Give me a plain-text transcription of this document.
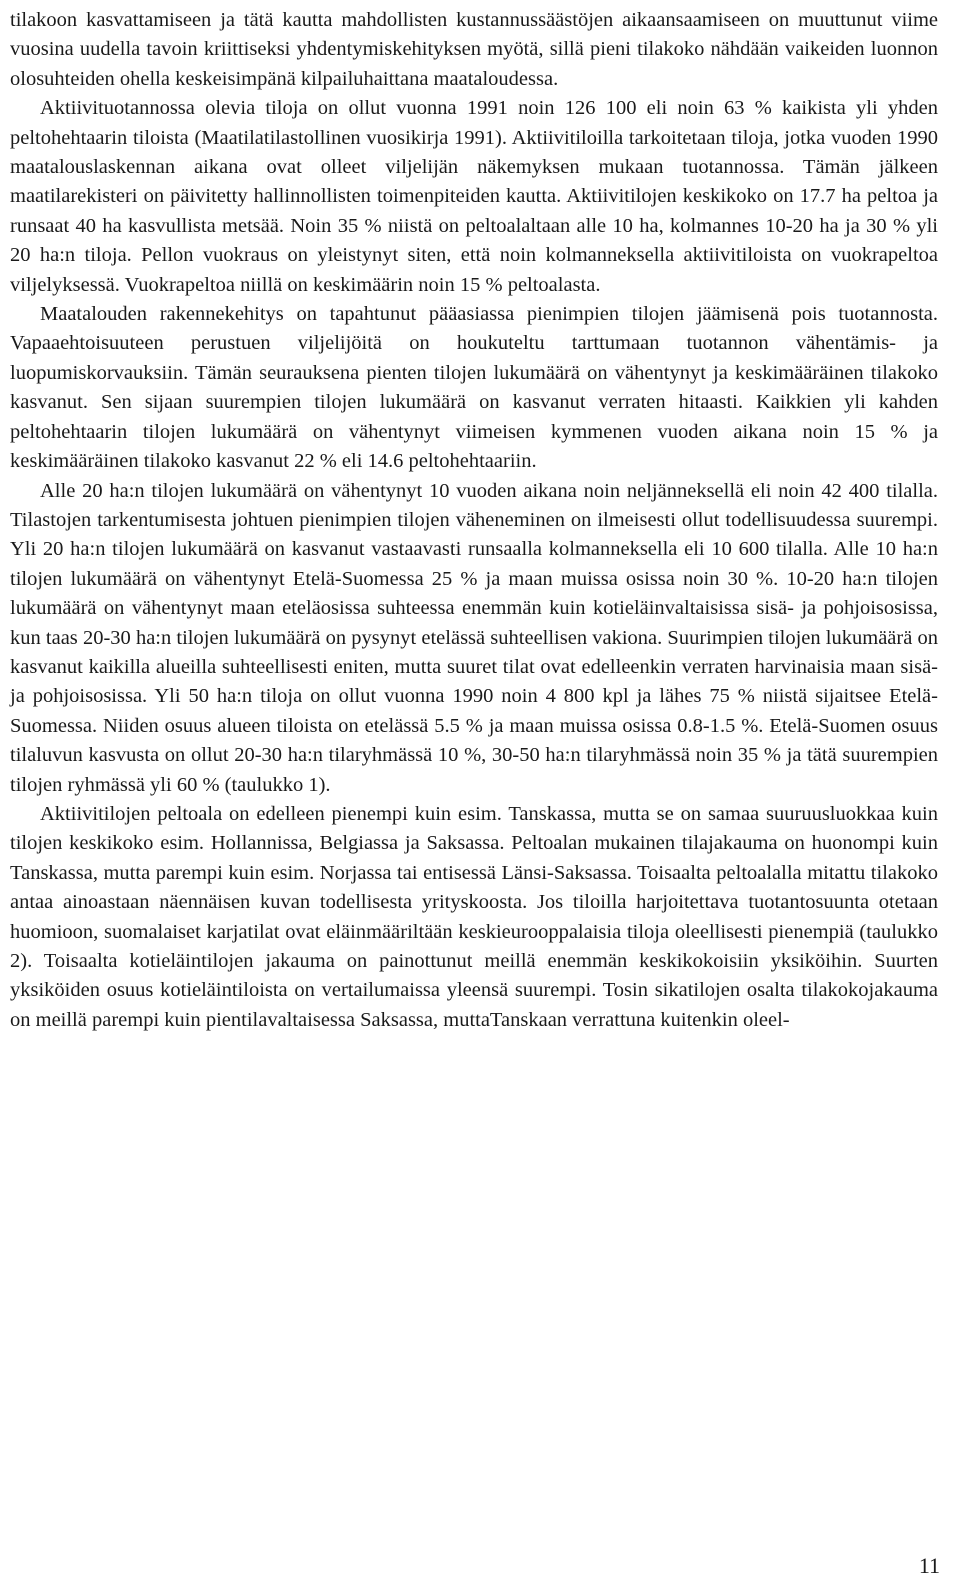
tilakoon kasvattamiseen ja tätä kautta mahdollisten kustannussäästöjen aikaansaamiseen on muuttunut viime vuosina uudella tavoin kriittiseksi yhdentymiskehityksen myötä, sillä pieni tilakoko nähdään vaikeiden luonnon olosuhteiden ohella keskeisimpänä kilpailuhaittana maataloudessa.

Aktiivituotannossa olevia tiloja on ollut vuonna 1991 noin 126 100 eli noin 63 % kaikista yli yhden peltohehtaarin tiloista (Maatilatilastollinen vuosikirja 1991). Aktiivitiloilla tarkoitetaan tiloja, jotka vuoden 1990 maatalouslaskennan aikana ovat olleet viljelijän näkemyksen mukaan tuotannossa. Tämän jälkeen maatilarekisteri on päivitetty hallinnollisten toimenpiteiden kautta. Aktiivitilojen keskikoko on 17.7 ha peltoa ja runsaat 40 ha kasvullista metsää. Noin 35 % niistä on peltoalaltaan alle 10 ha, kolmannes 10-20 ha ja 30 % yli 20 ha:n tiloja. Pellon vuokraus on yleistynyt siten, että noin kolmanneksella aktiivitiloista on vuokrapeltoa viljelyksessä. Vuokrapeltoa niillä on keskimäärin noin 15 % peltoalasta.

Maatalouden rakennekehitys on tapahtunut pääasiassa pienimpien tilojen jäämisenä pois tuotannosta. Vapaaehtoisuuteen perustuen viljelijöitä on houkuteltu tarttumaan tuotannon vähentämis- ja luopumiskorvauksiin. Tämän seurauksena pienten tilojen lukumäärä on vähentynyt ja keskimääräinen tilakoko kasvanut. Sen sijaan suurempien tilojen lukumäärä on kasvanut verraten hitaasti. Kaikkien yli kahden peltohehtaarin tilojen lukumäärä on vähentynyt viimeisen kymmenen vuoden aikana noin 15 % ja keskimääräinen tilakoko kasvanut 22 % eli 14.6 peltohehtaariin.

Alle 20 ha:n tilojen lukumäärä on vähentynyt 10 vuoden aikana noin neljänneksellä eli noin 42 400 tilalla. Tilastojen tarkentumisesta johtuen pienimpien tilojen väheneminen on ilmeisesti ollut todellisuudessa suurempi. Yli 20 ha:n tilojen lukumäärä on kasvanut vastaavasti runsaalla kolmanneksella eli 10 600 tilalla. Alle 10 ha:n tilojen lukumäärä on vähentynyt Etelä-Suomessa 25 % ja maan muissa osissa noin 30 %. 10-20 ha:n tilojen lukumäärä on vähentynyt maan eteläosissa suhteessa enemmän kuin kotieläinvaltaisissa sisä- ja pohjoisosissa, kun taas 20-30 ha:n tilojen lukumäärä on pysynyt etelässä suhteellisen vakiona. Suurimpien tilojen lukumäärä on kasvanut kaikilla alueilla suhteellisesti eniten, mutta suuret tilat ovat edelleenkin verraten harvinaisia maan sisä- ja pohjoisosissa. Yli 50 ha:n tiloja on ollut vuonna 1990 noin 4 800 kpl ja lähes 75 % niistä sijaitsee Etelä-Suomessa. Niiden osuus alueen tiloista on etelässä 5.5 % ja maan muissa osissa 0.8-1.5 %. Etelä-Suomen osuus tilaluvun kasvusta on ollut 20-30 ha:n tilaryhmässä 10 %, 30-50 ha:n tilaryhmässä noin 35 % ja tätä suurempien tilojen ryhmässä yli 60 % (taulukko 1).

Aktiivitilojen peltoala on edelleen pienempi kuin esim. Tanskassa, mutta se on samaa suuruusluokkaa kuin tilojen keskikoko esim. Hollannissa, Belgiassa ja Saksassa. Peltoalan mukainen tilajakauma on huonompi kuin Tanskassa, mutta parempi kuin esim. Norjassa tai entisessä Länsi-Saksassa. Toisaalta peltoalalla mitattu tilakoko antaa ainoastaan näennäisen kuvan todellisesta yrityskoosta. Jos tiloilla harjoitettava tuotantosuunta otetaan huomioon, suomalaiset karjatilat ovat eläinmääriltään keskieurooppalaisia tiloja oleellisesti pienempiä (taulukko 2). Toisaalta kotieläintilojen jakauma on painottunut meillä enemmän keskikokoisiin yksiköihin. Suurten yksiköiden osuus kotieläintiloista on vertailumaissa yleensä suurempi. Tosin sikatilojen osalta tilakokojakauma on meillä parempi kuin pientilavaltaisessa Saksassa, muttaTanskaan verrattuna kuitenkin oleel-

11
